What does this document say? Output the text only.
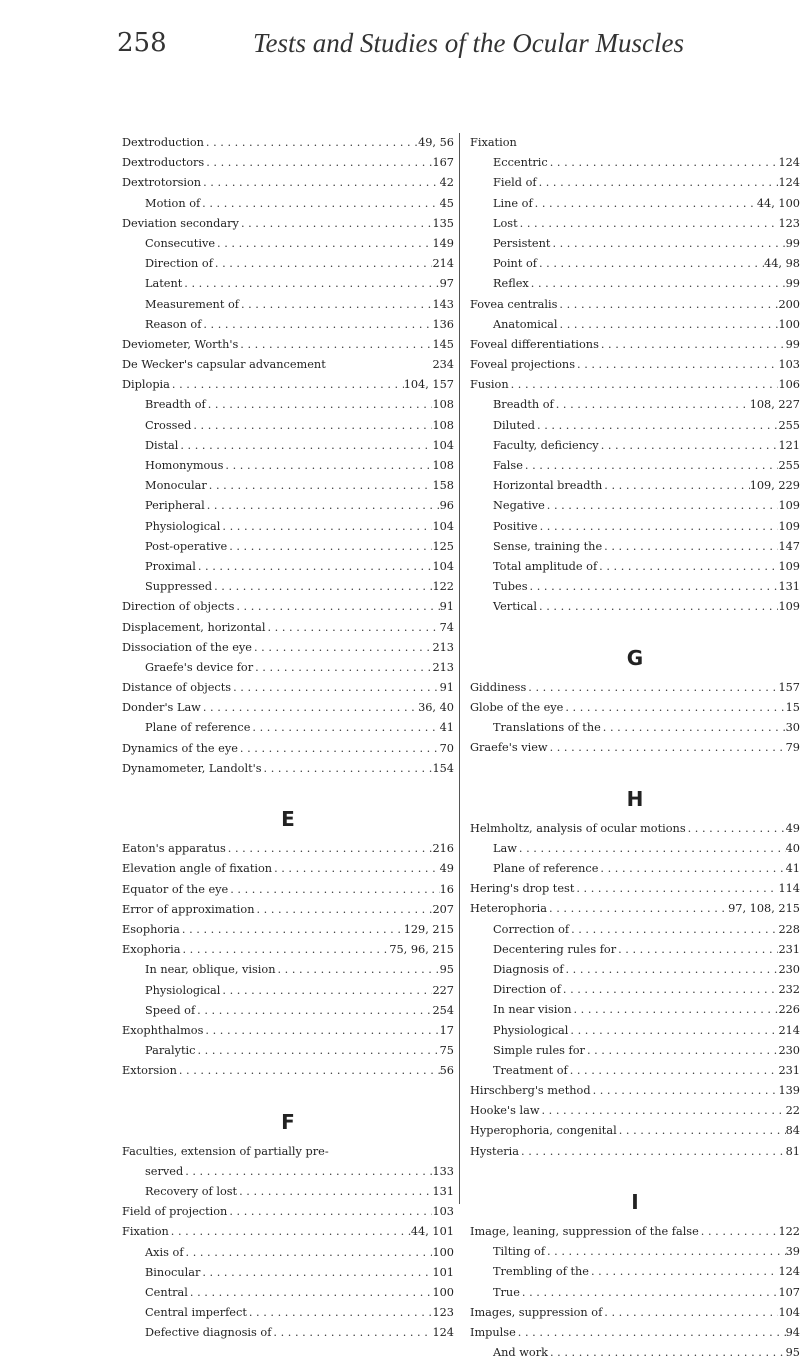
258	Tests and Studies of the Ocular Muscles
Dextroduction . . .	49, 56
Dextroductors . . .	167
Dextrotorsion . . .	42
Motion of . . .	45
Deviation secondary . . .	135
Consecutive . . .	149
Direction of . . .	214
Latent . . .	97
Measurement of . . .	143
Reason of . . .	136
Deviometer, Worth's . . .	145
De Wecker's capsular advancement	234
Diplopia . . .	104, 157
Breadth of . . .	108
Crossed . . .	108
Distal . . .	104
Homonymous . . .	108
Monocular . . .	158
Peripheral . . .	96
Physiological . . .	104
Post-operative . . .	125
Proximal . . .	104
Suppressed . . .	122
Direction of objects . . .	91
Displacement, horizontal . . .	74
Dissociation of the eye . . .	213
Graefe's device for . . .	213
Distance of objects . . .	91
Donder's Law . . .	36, 40
Plane of reference . . .	41
Dynamics of the eye . . .	70
Dynamometer, Landolt's . . .	154
E
Eaton's apparatus . . .	216
Elevation angle of fixation . . .	49
Equator of the eye . . .	16
Error of approximation . . .	207
Esophoria . . .	129, 215
Exophoria . . .	75, 96, 215
In near, oblique, vision . . .	95
Physiological . . .	227
Speed of . . .	254
Exophthalmos . . .	17
Paralytic . . .	75
Extorsion . . .	56
F
Faculties, extension of partially pre-
served . . .	133
Recovery of lost . . .	131
Field of projection . . .	103
Fixation . . .	44, 101
Axis of . . .	100
Binocular . . .	101
Central . . .	100
Central imperfect . . .	123
Defective diagnosis of . . .	124
Fixation
Eccentric . . .	124
Field of . . .	124
Line of . . .	44, 100
Lost . . .	123
Persistent . . .	99
Point of . . .	44, 98
Reflex . . .	99
Fovea centralis . . .	200
Anatomical . . .	100
Foveal differentiations . . .	99
Foveal projections . . .	103
Fusion . . .	106
Breadth of . . .	108, 227
Diluted . . .	255
Faculty, deficiency . . .	121
False . . .	255
Horizontal breadth . . .	109, 229
Negative . . .	109
Positive . . .	109
Sense, training the . . .	147
Total amplitude of . . .	109
Tubes . . .	131
Vertical . . .	109
G
Giddiness . . .	157
Globe of the eye . . .	15
Translations of the . . .	30
Graefe's view . . .	79
H
Helmholtz, analysis of ocular motions . . .	49
Law . . .	40
Plane of reference . . .	41
Hering's drop test . . .	114
Heterophoria . . .	97, 108, 215
Correction of . . .	228
Decentering rules for . . .	231
Diagnosis of . . .	230
Direction of . . .	232
In near vision . . .	226
Physiological . . .	214
Simple rules for . . .	230
Treatment of . . .	231
Hirschberg's method . . .	139
Hooke's law . . .	22
Hyperophoria, congenital . . .	84
Hysteria . . .	81
I
Image, leaning, suppression of the false . . .	122
Tilting of . . .	39
Trembling of the . . .	124
True . . .	107
Images, suppression of . . .	104
Impulse . . .	94
And work . . .	95
